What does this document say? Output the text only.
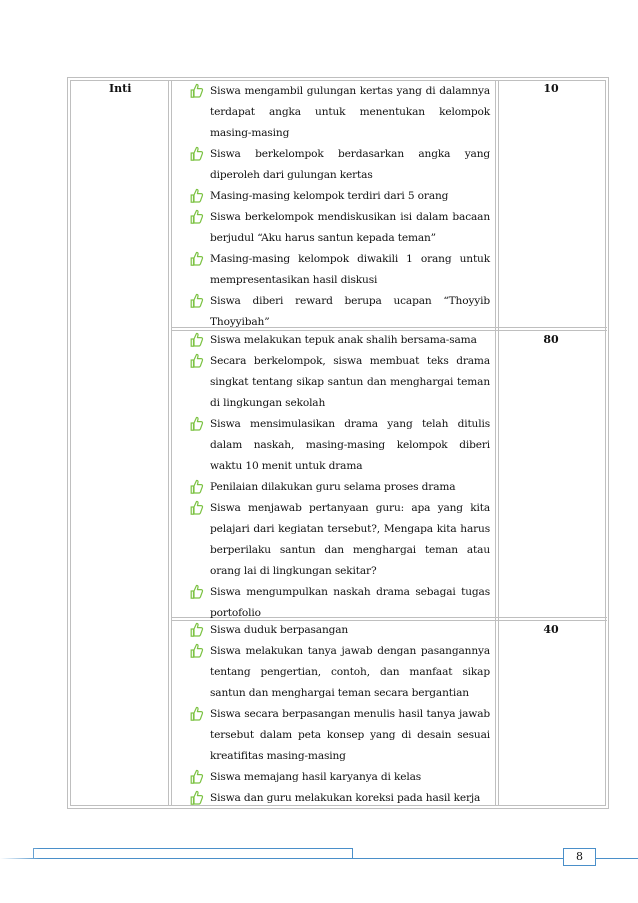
Inti	10
80
40
Siswa mengambil gulungan kertas yang di dalamnya terdapat angka untuk menentukan kelompok masing-masing
Siswa berkelompok berdasarkan angka yang diperoleh dari gulungan kertas
Masing-masing kelompok terdiri dari 5 orang
Siswa berkelompok mendiskusikan isi dalam bacaan berjudul “Aku harus santun kepada teman”
Masing-masing kelompok diwakili 1 orang untuk mempresentasikan hasil diskusi
Siswa diberi reward berupa ucapan “Thoyyib Thoyyibah”
Siswa melakukan tepuk anak shalih bersama-sama
Secara berkelompok, siswa membuat teks drama singkat tentang sikap santun dan menghargai teman di lingkungan sekolah
Siswa mensimulasikan drama yang telah ditulis dalam naskah, masing-masing kelompok diberi waktu 10 menit untuk drama
Penilaian dilakukan guru selama proses drama
Siswa menjawab pertanyaan guru: apa yang kita pelajari dari kegiatan tersebut?, Mengapa kita harus berperilaku santun dan menghargai teman atau orang lai di lingkungan sekitar?
Siswa mengumpulkan naskah drama sebagai tugas portofolio
Siswa duduk berpasangan
Siswa melakukan tanya jawab dengan pasangannya tentang pengertian, contoh, dan manfaat sikap santun dan menghargai teman secara bergantian
Siswa secara berpasangan menulis hasil tanya jawab tersebut dalam peta konsep yang di desain sesuai kreatifitas masing-masing
Siswa memajang hasil karyanya di kelas
Siswa dan guru melakukan koreksi pada hasil kerja
8
